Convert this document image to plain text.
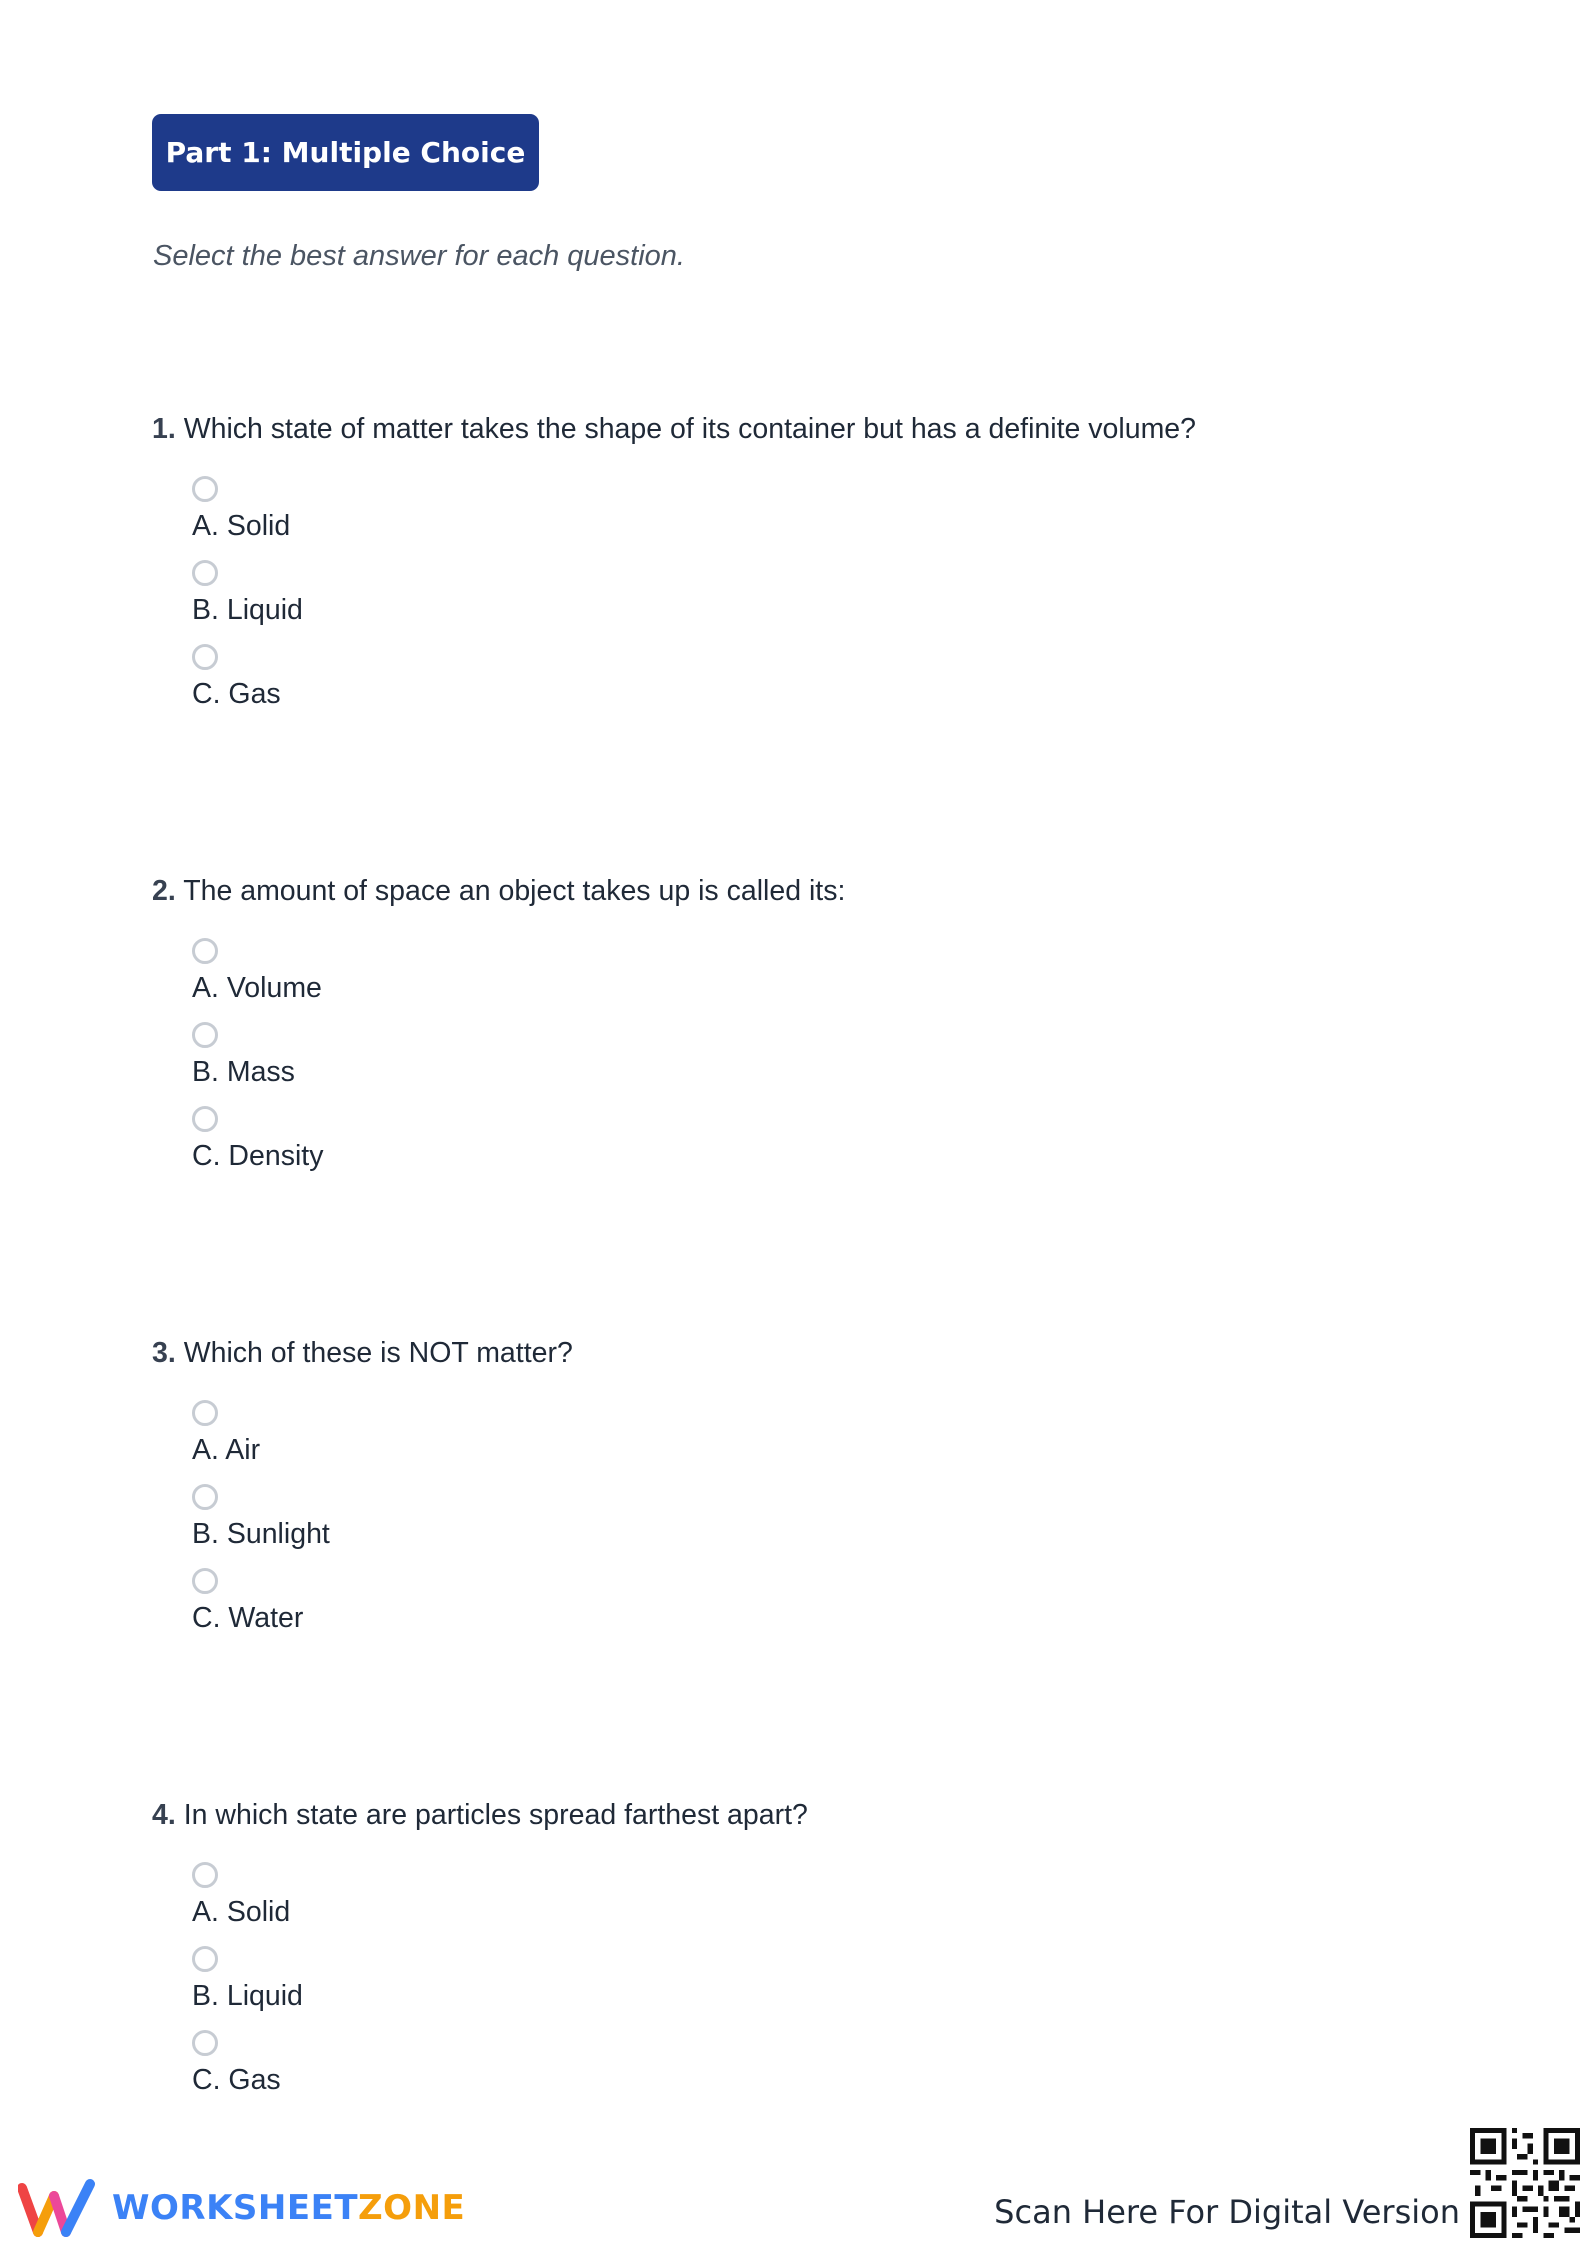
Part 1: Multiple Choice
Select the best answer for each question.
1. Which state of matter takes the shape of its container but has a definite volume?
A. Solid
B. Liquid
C. Gas
2. The amount of space an object takes up is called its:
A. Volume
B. Mass
C. Density
3. Which of these is NOT matter?
A. Air
B. Sunlight
C. Water
4. In which state are particles spread farthest apart?
A. Solid
B. Liquid
C. Gas
WORKSHEETZONE	Scan Here For Digital Version
